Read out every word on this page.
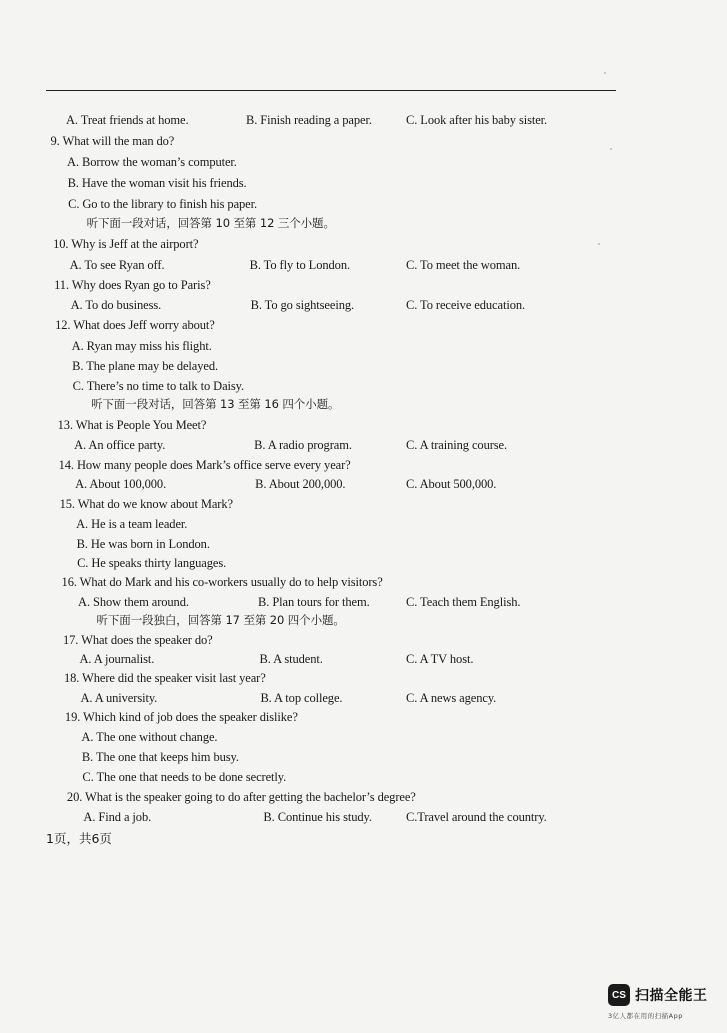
A. Treat friends at home.	B. Finish reading a paper.	C. Look after his baby sister.
9. What will the man do?
A. Borrow the woman’s computer.
B. Have the woman visit his friends.
C. Go to the library to finish his paper.
听下面一段对话，回答第 10 至第 12 三个小题。
10. Why is Jeff at the airport?
A. To see Ryan off.	B. To fly to London.	C. To meet the woman.
11. Why does Ryan go to Paris?
A. To do business.	B. To go sightseeing.	C. To receive education.
12. What does Jeff worry about?
A. Ryan may miss his flight.
B. The plane may be delayed.
C. There’s no time to talk to Daisy.
听下面一段对话，回答第 13 至第 16 四个小题。
13. What is People You Meet?
A. An office party.	B. A radio program.	C. A training course.
14. How many people does Mark’s office serve every year?
A. About 100,000.	B. About 200,000.	C. About 500,000.
15. What do we know about Mark?
A. He is a team leader.
B. He was born in London.
C. He speaks thirty languages.
16. What do Mark and his co-workers usually do to help visitors?
A. Show them around.	B. Plan tours for them.	C. Teach them English.
听下面一段独白，回答第 17 至第 20 四个小题。
17. What does the speaker do?
A. A journalist.	B. A student.	C. A TV host.
18. Where did the speaker visit last year?
A. A university.	B. A top college.	C. A news agency.
19. Which kind of job does the speaker dislike?
A. The one without change.
B. The one that keeps him busy.
C. The one that needs to be done secretly.
20. What is the speaker going to do after getting the bachelor’s degree?
A. Find a job.	B. Continue his study.	C.Travel around the country.
1页，共6页
CS 扫描全能王
3亿人都在用的扫描App
